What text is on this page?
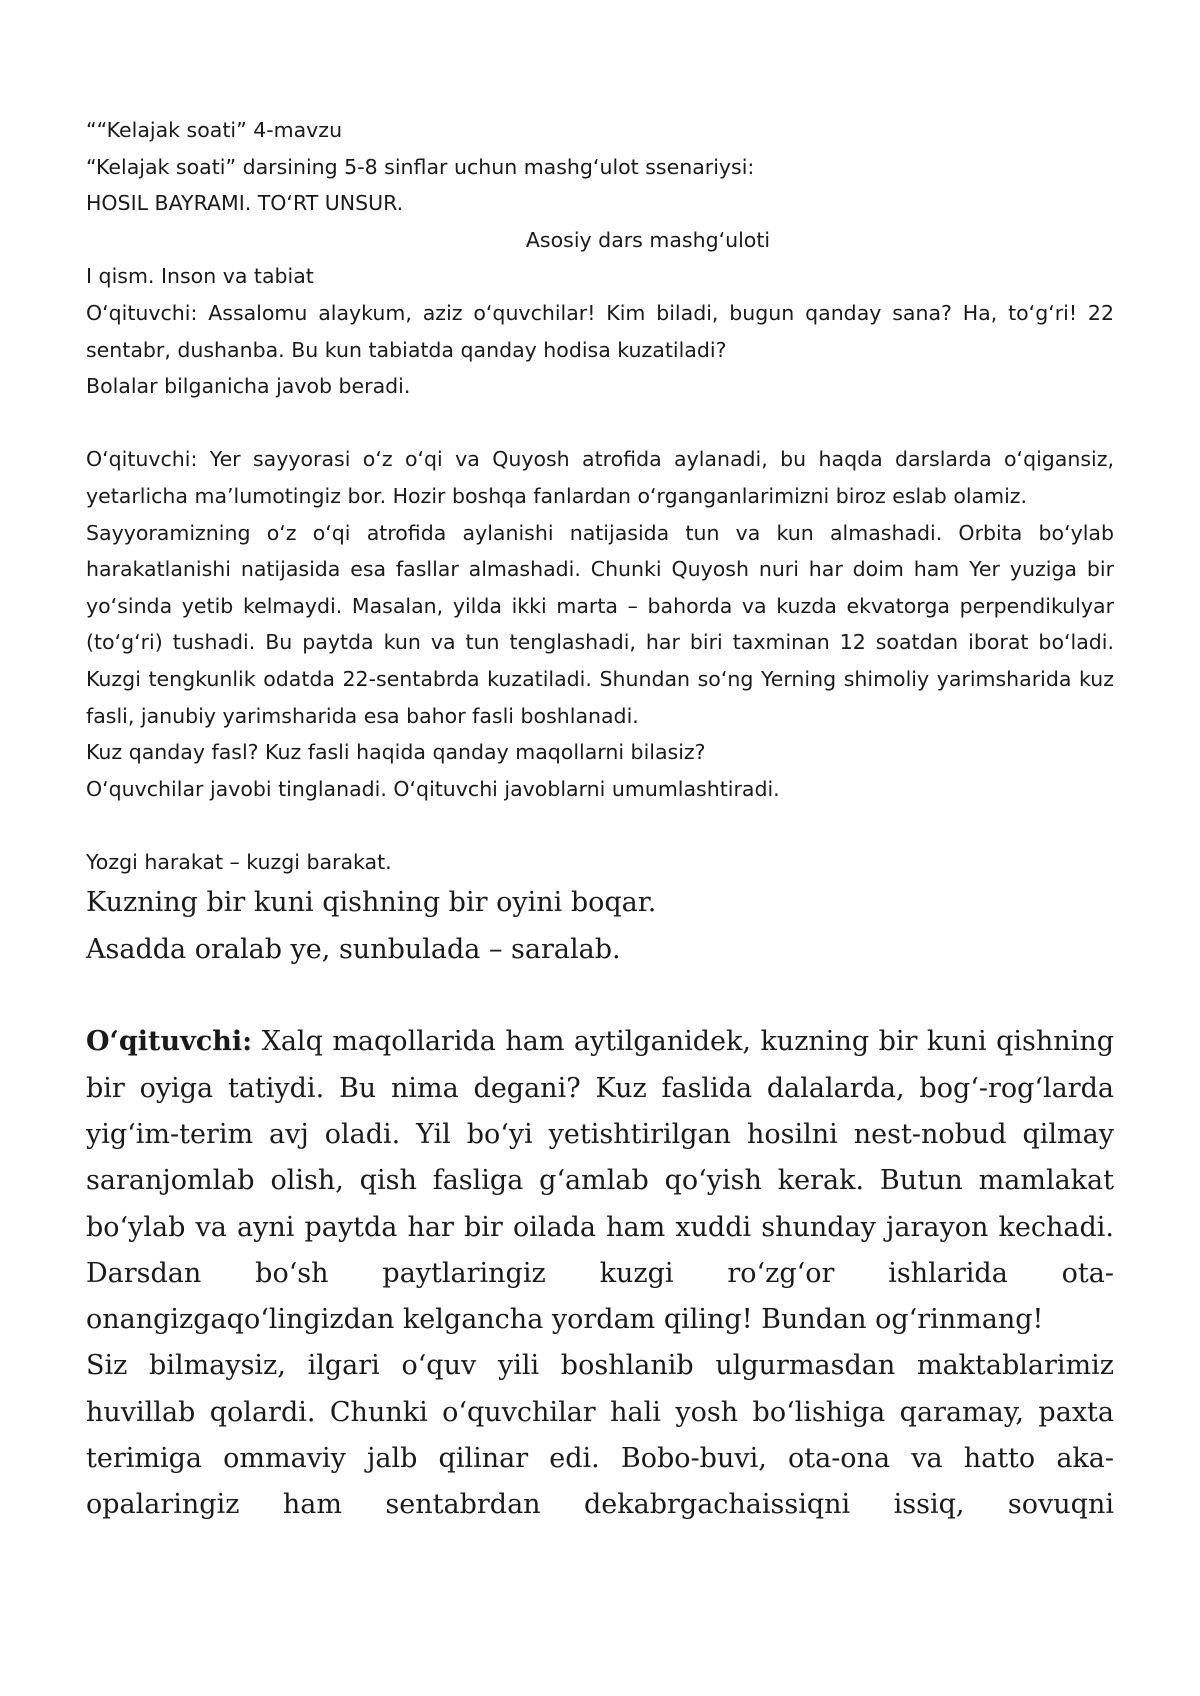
““Kelajak soati” 4-mavzu

“Kelajak soati” darsining 5-8 sinflar uchun mashg‘ulot ssenariysi:

HOSIL BAYRAMI. TO‘RT UNSUR.

Asosiy dars mashg‘uloti

I qism. Inson va tabiat

O‘qituvchi: Assalomu alaykum, aziz o‘quvchilar! Kim biladi, bugun qanday sana? Ha, to‘g‘ri! 22 sentabr, dushanba. Bu kun tabiatda qanday hodisa kuzatiladi?

Bolalar bilganicha javob beradi.

O‘qituvchi: Yer sayyorasi o‘z o‘qi va Quyosh atrofida aylanadi, bu haqda darslarda o‘qigansiz, yetarlicha ma’lumotingiz bor. Hozir boshqa fanlardan o‘rganganlarimizni biroz eslab olamiz.

Sayyoramizning o‘z o‘qi atrofida aylanishi natijasida tun va kun almashadi. Orbita bo‘ylab harakatlanishi natijasida esa fasllar almashadi. Chunki Quyosh nuri har doim ham Yer yuziga bir yo‘sinda yetib kelmaydi. Masalan, yilda ikki marta – bahorda va kuzda ekvatorga perpendikulyar (to‘g‘ri) tushadi. Bu paytda kun va tun tenglashadi, har biri taxminan 12 soatdan iborat bo‘ladi. Kuzgi tengkunlik odatda 22-sentabrda kuzatiladi. Shundan so‘ng Yerning shimoliy yarimsharida kuz fasli, janubiy yarimsharida esa bahor fasli boshlanadi.

Kuz qanday fasl? Kuz fasli haqida qanday maqollarni bilasiz?

O‘quvchilar javobi tinglanadi. O‘qituvchi javoblarni umumlashtiradi.

Yozgi harakat – kuzgi barakat.

Kuzning bir kuni qishning bir oyini boqar.

Asadda oralab ye, sunbulada – saralab.

O‘qituvchi: Xalq maqollarida ham aytilganidek, kuzning bir kuni qishning bir oyiga tatiydi. Bu nima degani? Kuz faslida dalalarda, bog‘-rog‘larda yig‘im-terim avj oladi. Yil bo‘yi yetishtirilgan hosilni nest-nobud qilmay saranjomlab olish, qish fasliga g‘amlab qo‘yish kerak. Butun mamlakat bo‘ylab va ayni paytda har bir oilada ham xuddi shunday jarayon kechadi. Darsdan bo‘sh paytlaringiz kuzgi ro‘zg‘or ishlarida ota-onangizgaqo‘lingizdan kelgancha yordam qiling! Bundan og‘rinmang!

Siz bilmaysiz, ilgari o‘quv yili boshlanib ulgurmasdan maktablarimiz huvillab qolardi. Chunki o‘quvchilar hali yosh bo‘lishiga qaramay, paxta terimiga ommaviy jalb qilinar edi. Bobo-buvi, ota-ona va hatto aka-opalaringiz ham sentabrdan dekabrgachaissiqni issiq, sovuqni
